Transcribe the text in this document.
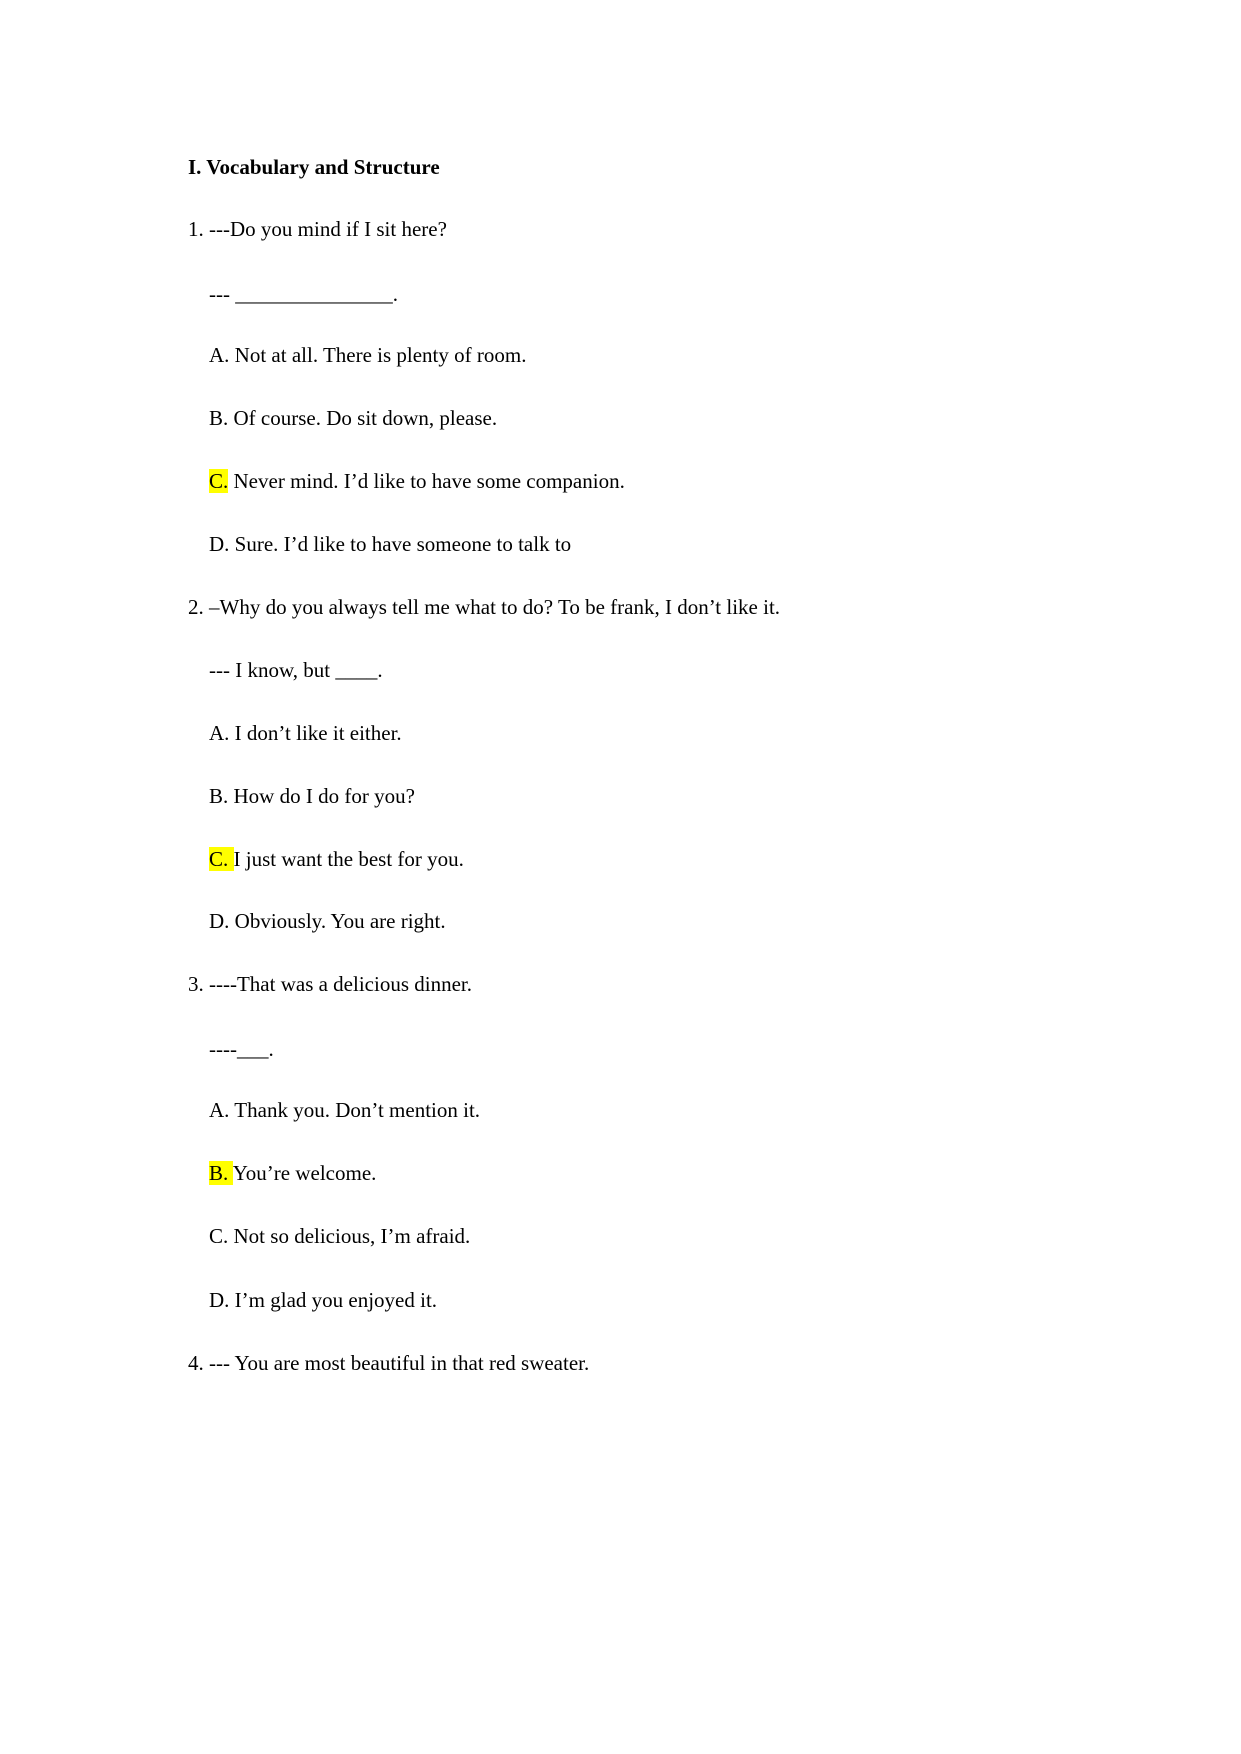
I. Vocabulary and Structure
1. ---Do you mind if I sit here?
--- _______________.
A. Not at all. There is plenty of room.
B. Of course. Do sit down, please.
C. Never mind. I’d like to have some companion.
D. Sure. I’d like to have someone to talk to
2. –Why do you always tell me what to do? To be frank, I don’t like it.
--- I know, but ____.
A. I don’t like it either.
B. How do I do for you?
C. I just want the best for you.
D. Obviously. You are right.
3. ----That was a delicious dinner.
----___.
A. Thank you. Don’t mention it.
B. You’re welcome.
C. Not so delicious, I’m afraid.
D. I’m glad you enjoyed it.
4. --- You are most beautiful in that red sweater.
